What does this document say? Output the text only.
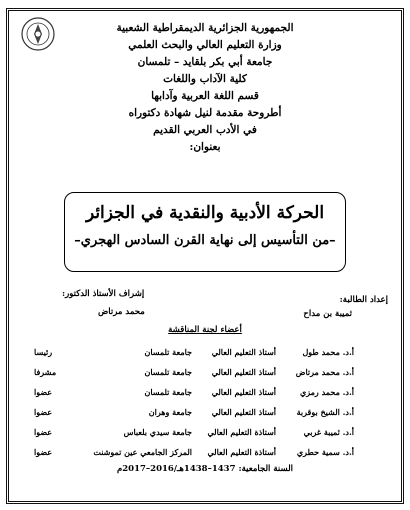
الجمهورية الجزائرية الديمقراطية الشعبية
وزارة التعليم العالي والبحث العلمي
جامعة أبي بكر بلقايد – تلمسان
كلية الآداب واللغات
قسم اللغة العربية وآدابها
أطروحة مقدمة لنيل شهادة دكتوراه
في الأدب العربي القديم
بعنوان:
الحركة الأدبية والنقدية في الجزائر
–من التأسيس إلى نهاية القرن السادس الهجري–
إعداد الطالبة:
ثميبة بن مداح
إشراف الأستاذ الدكتور:
محمد مرتاض
أعضاء لجنة المناقشة
أ.د. محمد طول	أستاذ التعليم العالي	جامعة تلمسان	رئيسا
أ.د. محمد مرتاض	أستاذ التعليم العالي	جامعة تلمسان	مشرفا
أ.د. محمد رمزي	أستاذ التعليم العالي	جامعة تلمسان	عضوا
أ.د. الشيخ بوقربة	أستاذ التعليم العالي	جامعة وهران	عضوا
أ.د. ثميبة غربي	أستاذة التعليم العالي	جامعة سيدي بلعباس	عضوا
أ.د. سمية حطري	أستاذة التعليم العالي	المركز الجامعي عين تموشنت	عضوا
السنة الجامعية: 1437–1438هـ/2016–2017م
